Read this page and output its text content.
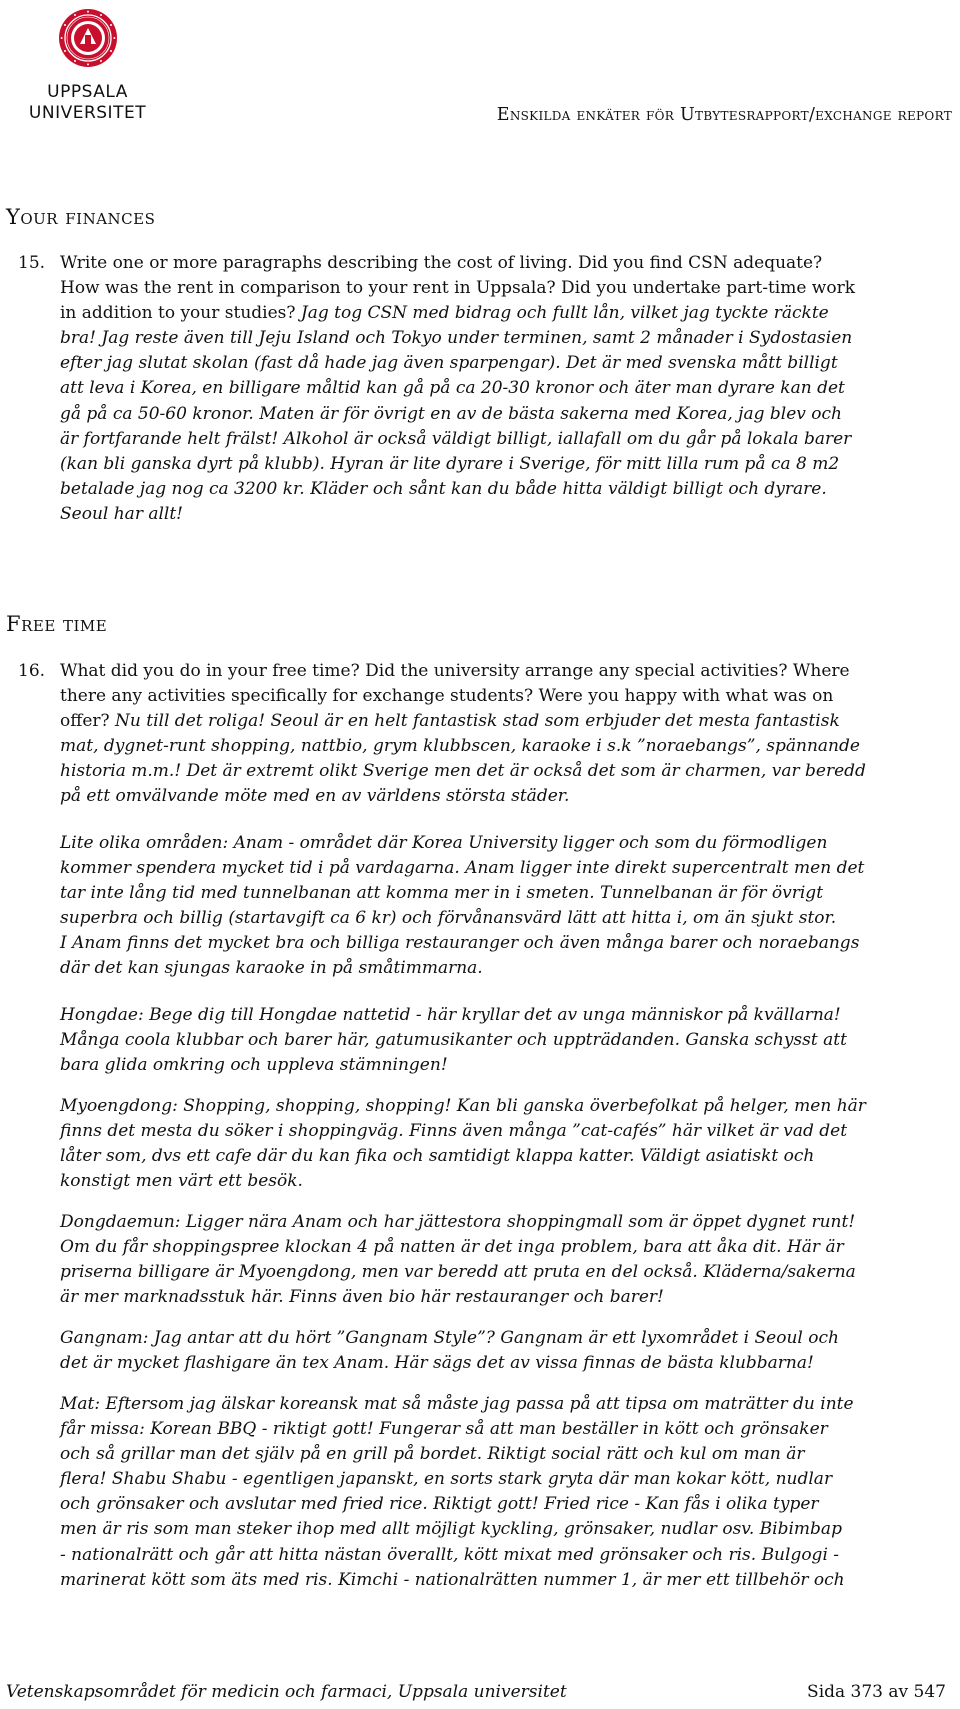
UPPSALA
UNIVERSITET	Enskilda enkäter för Utbytesrapport/exchange report
Your finances
15. Write one or more paragraphs describing the cost of living. Did you find CSN adequate?
How was the rent in comparison to your rent in Uppsala? Did you undertake part-time work
in addition to your studies? Jag tog CSN med bidrag och fullt lån, vilket jag tyckte räckte
bra! Jag reste även till Jeju Island och Tokyo under terminen, samt 2 månader i Sydostasien
efter jag slutat skolan (fast då hade jag även sparpengar). Det är med svenska mått billigt
att leva i Korea, en billigare måltid kan gå på ca 20-30 kronor och äter man dyrare kan det
gå på ca 50-60 kronor. Maten är för övrigt en av de bästa sakerna med Korea, jag blev och
är fortfarande helt frälst! Alkohol är också väldigt billigt, iallafall om du går på lokala barer
(kan bli ganska dyrt på klubb). Hyran är lite dyrare i Sverige, för mitt lilla rum på ca 8 m2
betalade jag nog ca 3200 kr. Kläder och sånt kan du både hitta väldigt billigt och dyrare.
Seoul har allt!
Free time
16. What did you do in your free time? Did the university arrange any special activities? Where
there any activities specifically for exchange students? Were you happy with what was on
offer? Nu till det roliga! Seoul är en helt fantastisk stad som erbjuder det mesta fantastisk
mat, dygnet-runt shopping, nattbio, grym klubbscen, karaoke i s.k ”noraebangs”, spännande
historia m.m.! Det är extremt olikt Sverige men det är också det som är charmen, var beredd
på ett omvälvande möte med en av världens största städer.
Lite olika områden: Anam - området där Korea University ligger och som du förmodligen
kommer spendera mycket tid i på vardagarna. Anam ligger inte direkt supercentralt men det
tar inte lång tid med tunnelbanan att komma mer in i smeten. Tunnelbanan är för övrigt
superbra och billig (startavgift ca 6 kr) och förvånansvärd lätt att hitta i, om än sjukt stor.
I Anam finns det mycket bra och billiga restauranger och även många barer och noraebangs
där det kan sjungas karaoke in på småtimmarna.
Hongdae: Bege dig till Hongdae nattetid - här kryllar det av unga människor på kvällarna!
Många coola klubbar och barer här, gatumusikanter och uppträdanden. Ganska schysst att
bara glida omkring och uppleva stämningen!
Myoengdong: Shopping, shopping, shopping! Kan bli ganska överbefolkat på helger, men här
finns det mesta du söker i shoppingväg. Finns även många ”cat-cafés” här vilket är vad det
låter som, dvs ett cafe där du kan fika och samtidigt klappa katter. Väldigt asiatiskt och
konstigt men värt ett besök.
Dongdaemun: Ligger nära Anam och har jättestora shoppingmall som är öppet dygnet runt!
Om du får shoppingspree klockan 4 på natten är det inga problem, bara att åka dit. Här är
priserna billigare är Myoengdong, men var beredd att pruta en del också. Kläderna/sakerna
är mer marknadsstuk här. Finns även bio här restauranger och barer!
Gangnam: Jag antar att du hört ”Gangnam Style”? Gangnam är ett lyxområdet i Seoul och
det är mycket flashigare än tex Anam. Här sägs det av vissa finnas de bästa klubbarna!
Mat: Eftersom jag älskar koreansk mat så måste jag passa på att tipsa om maträtter du inte
får missa: Korean BBQ - riktigt gott! Fungerar så att man beställer in kött och grönsaker
och så grillar man det själv på en grill på bordet. Riktigt social rätt och kul om man är
flera! Shabu Shabu - egentligen japanskt, en sorts stark gryta där man kokar kött, nudlar
och grönsaker och avslutar med fried rice. Riktigt gott! Fried rice - Kan fås i olika typer
men är ris som man steker ihop med allt möjligt kyckling, grönsaker, nudlar osv. Bibimbap
- nationalrätt och går att hitta nästan överallt, kött mixat med grönsaker och ris. Bulgogi -
marinerat kött som äts med ris. Kimchi - nationalrätten nummer 1, är mer ett tillbehör och
Vetenskapsområdet för medicin och farmaci, Uppsala universitet	Sida 373 av 547
